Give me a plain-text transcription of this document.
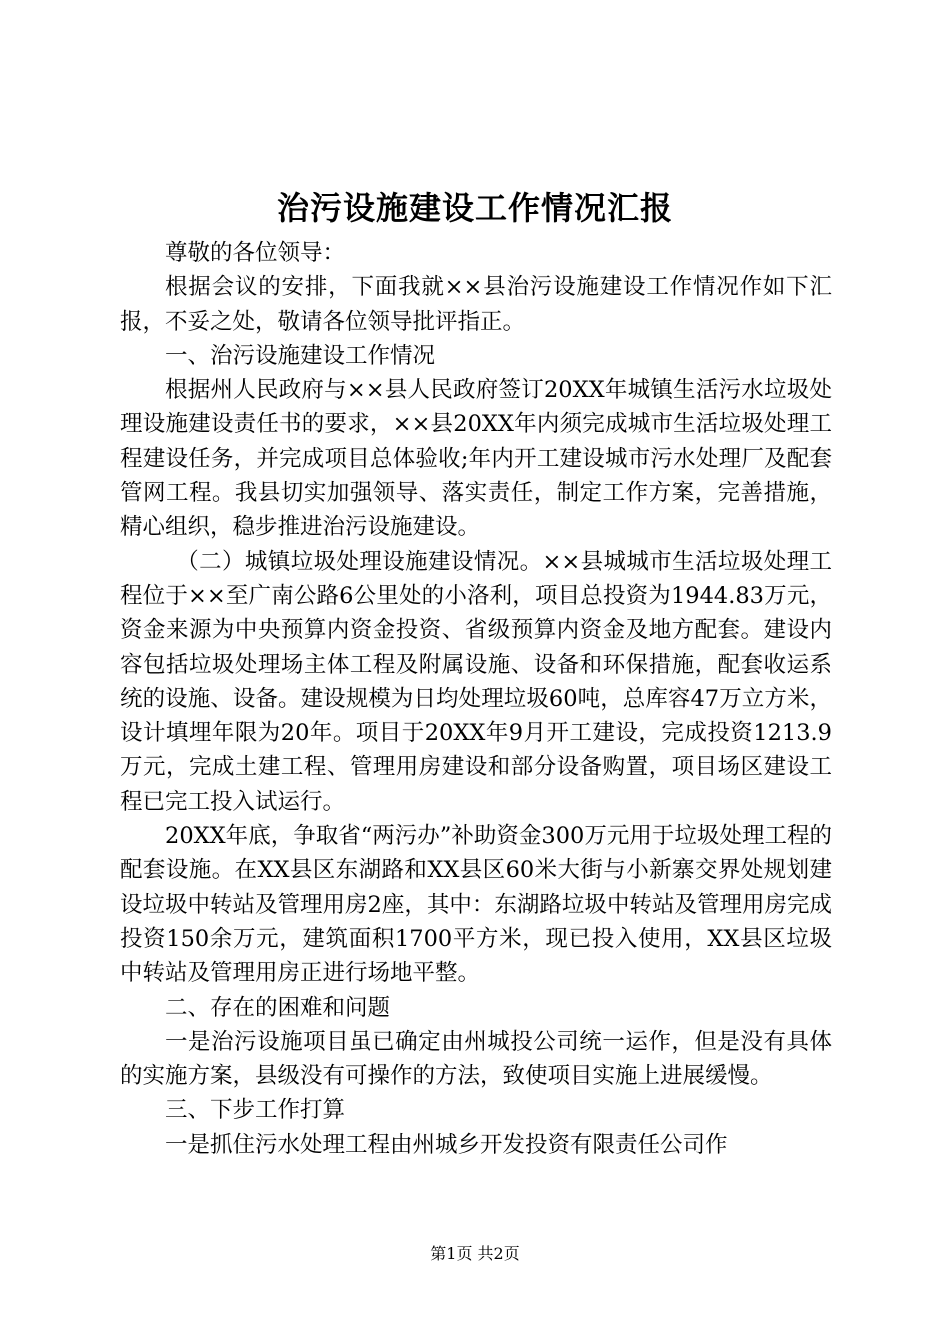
治污设施建设工作情况汇报

尊敬的各位领导：

根据会议的安排，下面我就××县治污设施建设工作情况作如下汇报，不妥之处，敬请各位领导批评指正。

一、治污设施建设工作情况

根据州人民政府与××县人民政府签订20XX年城镇生活污水垃圾处理设施建设责任书的要求，××县20XX年内须完成城市生活垃圾处理工程建设任务，并完成项目总体验收;年内开工建设城市污水处理厂及配套管网工程。我县切实加强领导、落实责任，制定工作方案，完善措施，精心组织，稳步推进治污设施建设。

（二）城镇垃圾处理设施建设情况。××县城城市生活垃圾处理工程位于××至广南公路6公里处的小洛利，项目总投资为1944.83万元，资金来源为中央预算内资金投资、省级预算内资金及地方配套。建设内容包括垃圾处理场主体工程及附属设施、设备和环保措施，配套收运系统的设施、设备。建设规模为日均处理垃圾60吨，总库容47万立方米，设计填埋年限为20年。项目于20XX年9月开工建设，完成投资1213.9万元，完成土建工程、管理用房建设和部分设备购置，项目场区建设工程已完工投入试运行。

20XX年底，争取省“两污办”补助资金300万元用于垃圾处理工程的配套设施。在XX县区东湖路和XX县区60米大街与小新寨交界处规划建设垃圾中转站及管理用房2座，其中：东湖路垃圾中转站及管理用房完成投资150余万元，建筑面积1700平方米，现已投入使用，XX县区垃圾中转站及管理用房正进行场地平整。

二、存在的困难和问题

一是治污设施项目虽已确定由州城投公司统一运作，但是没有具体的实施方案，县级没有可操作的方法，致使项目实施上进展缓慢。

三、下步工作打算

一是抓住污水处理工程由州城乡开发投资有限责任公司作

第1页 共2页
